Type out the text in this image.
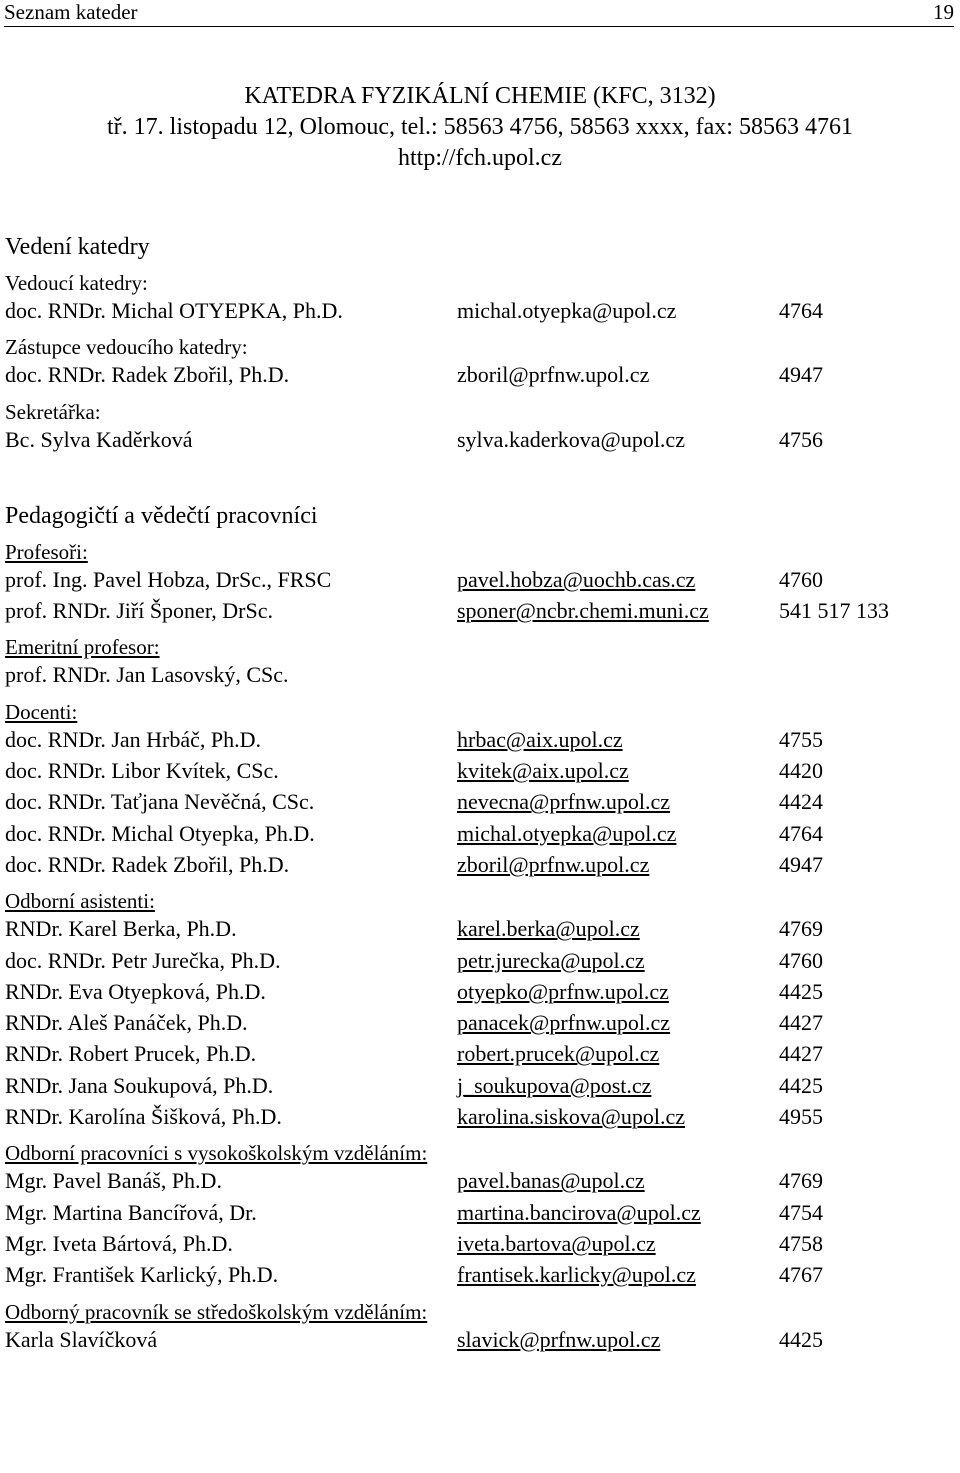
Seznam kateder	19
KATEDRA FYZIKÁLNÍ CHEMIE (KFC, 3132)
tř. 17. listopadu 12, Olomouc, tel.: 58563 4756, 58563 xxxx, fax: 58563 4761
http://fch.upol.cz
Vedení katedry
Vedoucí katedry:
doc. RNDr. Michal OTYEPKA, Ph.D.	michal.otyepka@upol.cz	4764
Zástupce vedoucího katedry:
doc. RNDr. Radek Zbořil, Ph.D.	zboril@prfnw.upol.cz	4947
Sekretářka:
Bc. Sylva Kaděrková	sylva.kaderkova@upol.cz	4756
Pedagogičtí a vědečtí pracovníci
Profesoři:
prof. Ing. Pavel Hobza, DrSc., FRSC	pavel.hobza@uochb.cas.cz	4760
prof. RNDr. Jiří Šponer, DrSc.	sponer@ncbr.chemi.muni.cz	541 517 133
Emeritní profesor:
prof. RNDr. Jan Lasovský, CSc.
Docenti:
doc. RNDr. Jan Hrbáč, Ph.D.	hrbac@aix.upol.cz	4755
doc. RNDr. Libor Kvítek, CSc.	kvitek@aix.upol.cz	4420
doc. RNDr. Taťjana Nevěčná, CSc.	nevecna@prfnw.upol.cz	4424
doc. RNDr. Michal Otyepka, Ph.D.	michal.otyepka@upol.cz	4764
doc. RNDr. Radek Zbořil, Ph.D.	zboril@prfnw.upol.cz	4947
Odborní asistenti:
RNDr. Karel Berka, Ph.D.	karel.berka@upol.cz	4769
doc. RNDr. Petr Jurečka, Ph.D.	petr.jurecka@upol.cz	4760
RNDr. Eva Otyepková, Ph.D.	otyepko@prfnw.upol.cz	4425
RNDr. Aleš Panáček, Ph.D.	panacek@prfnw.upol.cz	4427
RNDr. Robert Prucek, Ph.D.	robert.prucek@upol.cz	4427
RNDr. Jana Soukupová, Ph.D.	j_soukupova@post.cz	4425
RNDr. Karolína Šišková, Ph.D.	karolina.siskova@upol.cz	4955
Odborní pracovníci s vysokoškolským vzděláním:
Mgr. Pavel Banáš, Ph.D.	pavel.banas@upol.cz	4769
Mgr. Martina Bancířová, Dr.	martina.bancirova@upol.cz	4754
Mgr. Iveta Bártová, Ph.D.	iveta.bartova@upol.cz	4758
Mgr. František Karlický, Ph.D.	frantisek.karlicky@upol.cz	4767
Odborný pracovník se středoškolským vzděláním:
Karla Slavíčková	slavick@prfnw.upol.cz	4425
